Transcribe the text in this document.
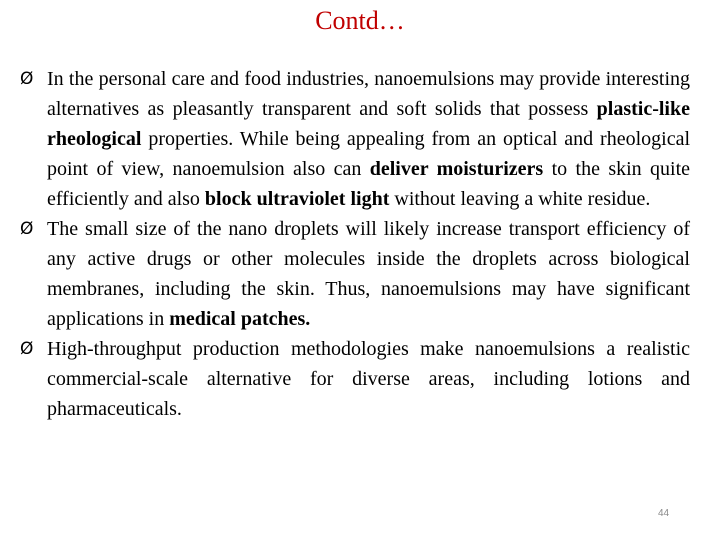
Contd…
Ø In the personal care and food industries, nanoemulsions may provide interesting alternatives as pleasantly transparent and soft solids that possess plastic-like rheological properties. While being appealing from an optical and rheological point of view, nanoemulsion also can deliver moisturizers to the skin quite efficiently and also block ultraviolet light without leaving a white residue.
Ø The small size of the nano droplets will likely increase transport efficiency of any active drugs or other molecules inside the droplets across biological membranes, including the skin. Thus, nanoemulsions may have significant applications in medical patches.
Ø High-throughput production methodologies make nanoemulsions a realistic commercial-scale alternative for diverse areas, including lotions and pharmaceuticals.
44
